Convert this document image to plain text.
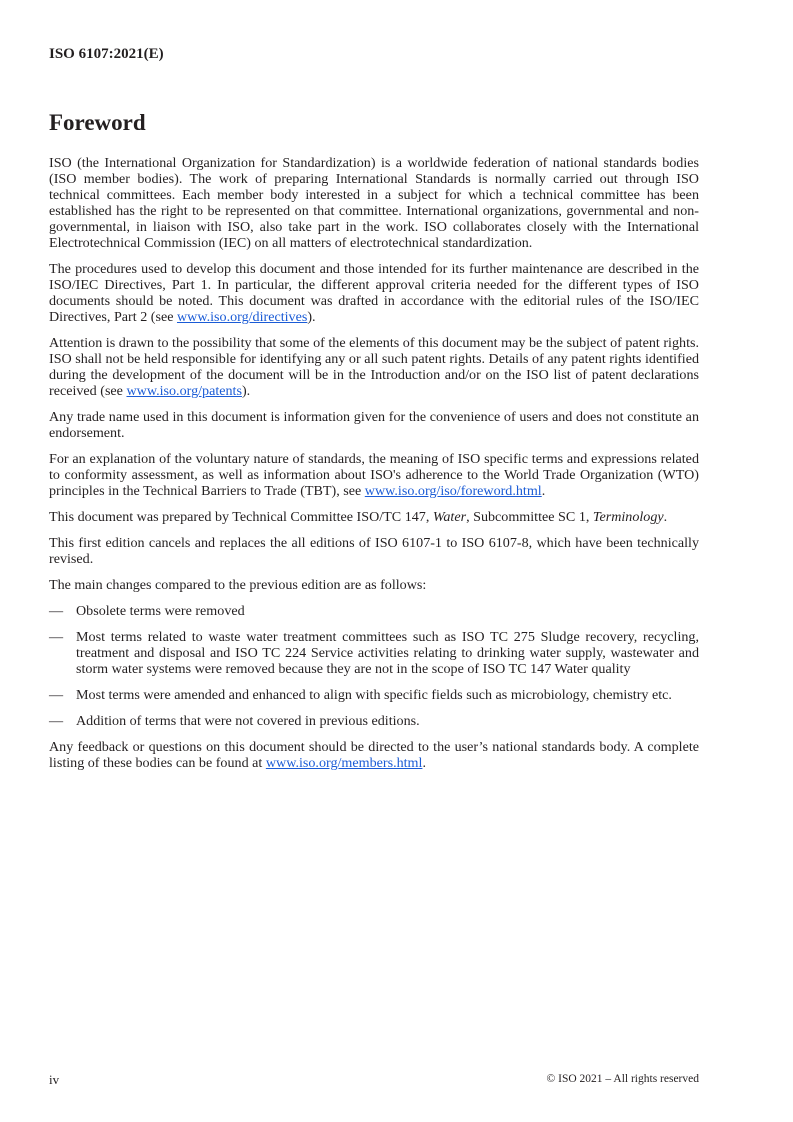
ISO 6107:2021(E)
Foreword

ISO (the International Organization for Standardization) is a worldwide federation of national standards bodies (ISO member bodies). The work of preparing International Standards is normally carried out through ISO technical committees. Each member body interested in a subject for which a technical committee has been established has the right to be represented on that committee. International organizations, governmental and non-governmental, in liaison with ISO, also take part in the work. ISO collaborates closely with the International Electrotechnical Commission (IEC) on all matters of electrotechnical standardization.

The procedures used to develop this document and those intended for its further maintenance are described in the ISO/IEC Directives, Part 1. In particular, the different approval criteria needed for the different types of ISO documents should be noted. This document was drafted in accordance with the editorial rules of the ISO/IEC Directives, Part 2 (see www.iso.org/directives).

Attention is drawn to the possibility that some of the elements of this document may be the subject of patent rights. ISO shall not be held responsible for identifying any or all such patent rights. Details of any patent rights identified during the development of the document will be in the Introduction and/or on the ISO list of patent declarations received (see www.iso.org/patents).

Any trade name used in this document is information given for the convenience of users and does not constitute an endorsement.

For an explanation of the voluntary nature of standards, the meaning of ISO specific terms and expressions related to conformity assessment, as well as information about ISO's adherence to the World Trade Organization (WTO) principles in the Technical Barriers to Trade (TBT), see www.iso.org/iso/foreword.html.

This document was prepared by Technical Committee ISO/TC 147, Water, Subcommittee SC 1, Terminology.

This first edition cancels and replaces the all editions of ISO 6107-1 to ISO 6107-8, which have been technically revised.

The main changes compared to the previous edition are as follows:

— Obsolete terms were removed
— Most terms related to waste water treatment committees such as ISO TC 275 Sludge recovery, recycling, treatment and disposal and ISO TC 224 Service activities relating to drinking water supply, wastewater and storm water systems were removed because they are not in the scope of ISO TC 147 Water quality
— Most terms were amended and enhanced to align with specific fields such as microbiology, chemistry etc.
— Addition of terms that were not covered in previous editions.

Any feedback or questions on this document should be directed to the user’s national standards body. A complete listing of these bodies can be found at www.iso.org/members.html.

iv	© ISO 2021 – All rights reserved
